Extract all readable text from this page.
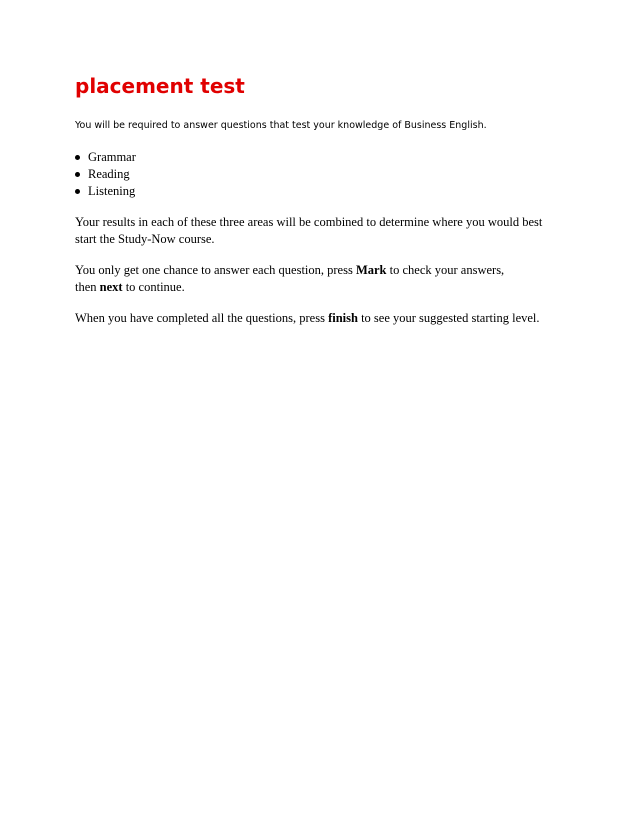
placement test
You will be required to answer questions that test your knowledge of Business English.
Grammar
Reading
Listening

Your results in each of these three areas will be combined to determine where you would best
start the Study-Now course.

You only get one chance to answer each question, press Mark to check your answers,
then next to continue.

When you have completed all the questions, press finish to see your suggested starting level.
